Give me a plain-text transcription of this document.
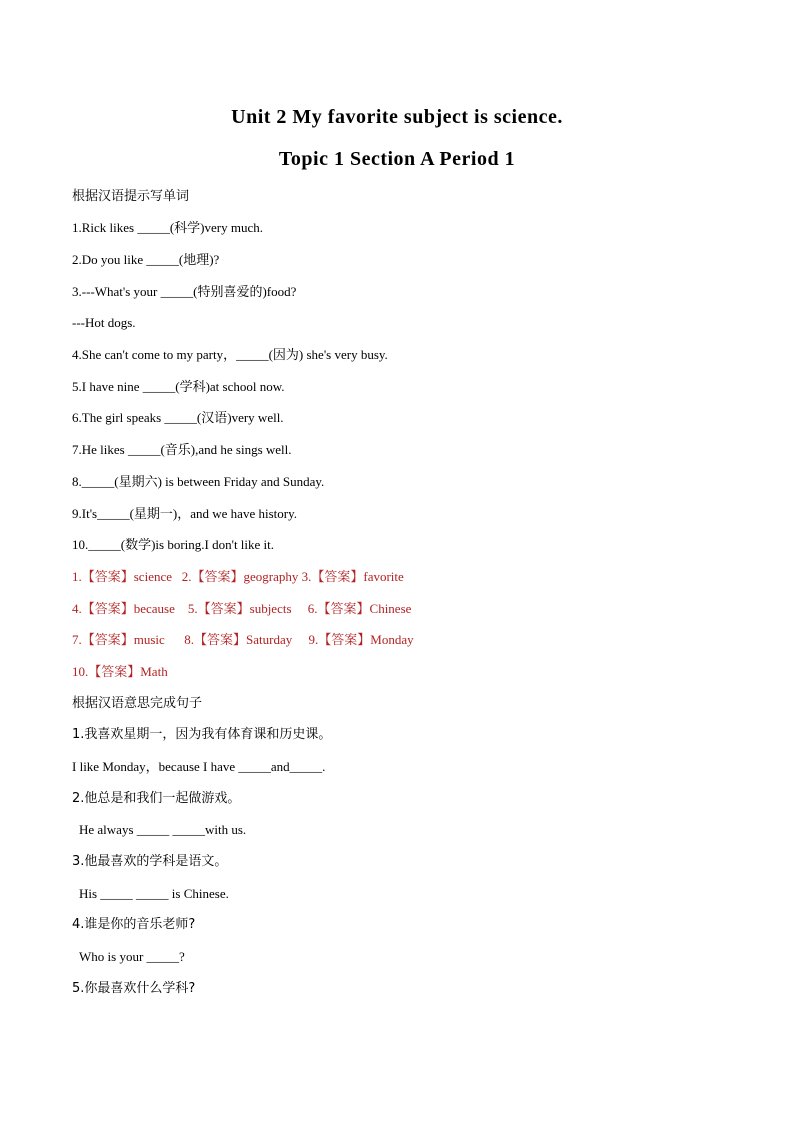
Unit 2 My favorite subject is science.
Topic 1 Section A Period 1
根据汉语提示写单词
1.Rick likes _____(科学)very much.
2.Do you like _____(地理)?
3.---What's your _____(特别喜爱的)food?
---Hot dogs.
4.She can't come to my party，_____(因为) she's very busy.
5.I have nine _____(学科)at school now.
6.The girl speaks _____(汉语)very well.
7.He likes _____(音乐),and he sings well.
8._____(星期六) is between Friday and Sunday.
9.It's_____(星期一)，and we have history.
10._____(数学)is boring.I don't like it.
1.【答案】science   2.【答案】geography 3.【答案】favorite
4.【答案】because    5.【答案】subjects     6.【答案】Chinese
7.【答案】music      8.【答案】Saturday     9.【答案】Monday
10.【答案】Math
根据汉语意思完成句子
1.我喜欢星期一，因为我有体育课和历史课。
I like Monday，because I have _____and_____.
2.他总是和我们一起做游戏。
He always _____ _____with us.
3.他最喜欢的学科是语文。
His _____ _____ is Chinese.
4.谁是你的音乐老师?
Who is your _____?
5.你最喜欢什么学科?
